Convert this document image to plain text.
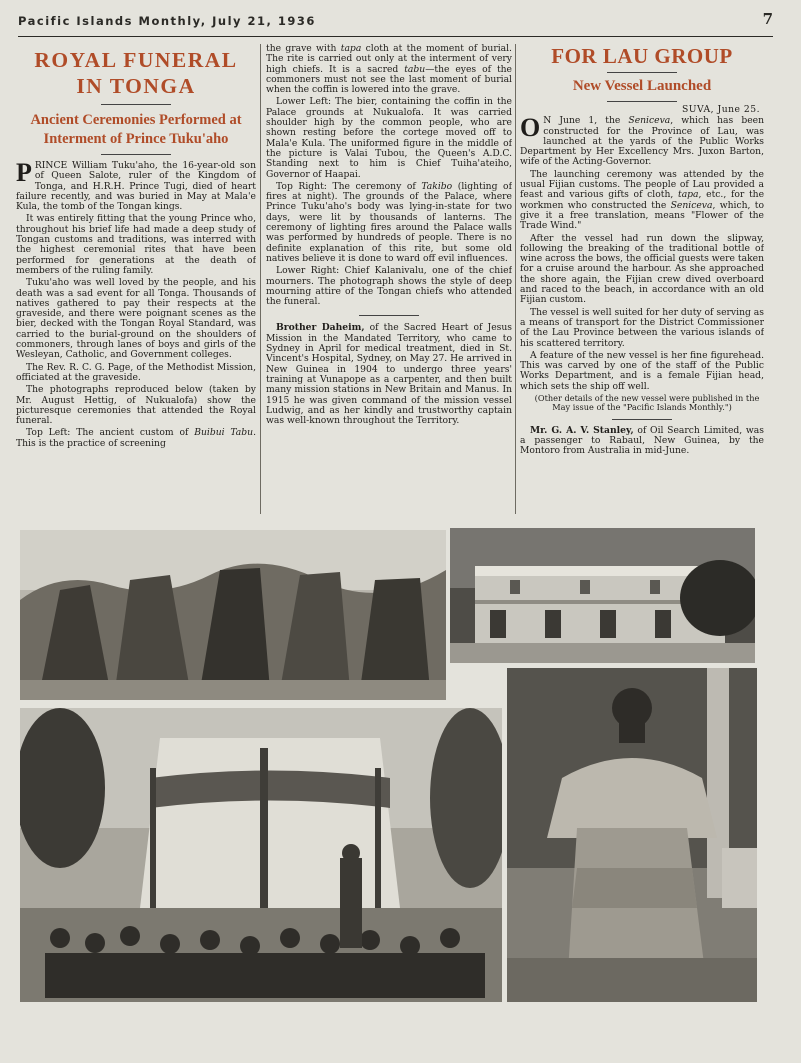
Pacific Islands Monthly, July 21, 1936	7
ROYAL FUNERAL
IN TONGA
Ancient Ceremonies Performed at Interment of Prince Tuku'aho

PRINCE William Tuku'aho, the 16-year-old son of Queen Salote, ruler of the Kingdom of Tonga, and H.R.H. Prince Tugi, died of heart failure recently, and was buried in May at Mala'e Kula, the tomb of the Tongan kings.

It was entirely fitting that the young Prince who, throughout his brief life had made a deep study of Tongan customs and traditions, was interred with the highest ceremonial rites that have been performed for generations at the death of members of the ruling family.

Tuku'aho was well loved by the people, and his death was a sad event for all Tonga. Thousands of natives gathered to pay their respects at the graveside, and there were poignant scenes as the bier, decked with the Tongan Royal Standard, was carried to the burial-ground on the shoulders of commoners, through lanes of boys and girls of the Wesleyan, Catholic, and Government colleges.

The Rev. R. C. G. Page, of the Methodist Mission, officiated at the graveside.

The photographs reproduced below (taken by Mr. August Hettig, of Nukualofa) show the picturesque ceremonies that attended the Royal funeral.

Top Left: The ancient custom of Buibui Tabu. This is the practice of screening

the grave with tapa cloth at the moment of burial. The rite is carried out only at the interment of very high chiefs. It is a sacred tabu—the eyes of the commoners must not see the last moment of burial when the coffin is lowered into the grave.

Lower Left: The bier, containing the coffin in the Palace grounds at Nukualofa. It was carried shoulder high by the common people, who are shown resting before the cortege moved off to Mala'e Kula. The uniformed figure in the middle of the picture is Valai Tubou, the Queen's A.D.C. Standing next to him is Chief Tuiha'ateiho, Governor of Haapai.

Top Right: The ceremony of Takibo (lighting of fires at night). The grounds of the Palace, where Prince Tuku'aho's body was lying-in-state for two days, were lit by thousands of lanterns. The ceremony of lighting fires around the Palace walls was performed by hundreds of people. There is no definite explanation of this rite, but some old natives believe it is done to ward off evil influences.

Lower Right: Chief Kalanivalu, one of the chief mourners. The photograph shows the style of deep mourning attire of the Tongan chiefs who attended the funeral.

Brother Daheim, of the Sacred Heart of Jesus Mission in the Mandated Territory, who came to Sydney in April for medical treatment, died in St. Vincent's Hospital, Sydney, on May 27. He arrived in New Guinea in 1904 to undergo three years' training at Vunapope as a carpenter, and then built many mission stations in New Britain and Manus. In 1915 he was given command of the mission vessel Ludwig, and as her kindly and trustworthy captain was well-known throughout the Territory.

FOR LAU GROUP
New Vessel Launched
SUVA, June 25.

O N June 1, the Seniceva, which has been constructed for the Province of Lau, was launched at the yards of the Public Works Department by Her Excellency Mrs. Juxon Barton, wife of the Acting-Governor.

The launching ceremony was attended by the usual Fijian customs. The people of Lau provided a feast and various gifts of cloth, tapa, etc., for the workmen who constructed the Seniceva, which, to give it a free translation, means "Flower of the Trade Wind."

After the vessel had run down the slipway, following the breaking of the traditional bottle of wine across the bows, the official guests were taken for a cruise around the harbour. As she approached the shore again, the Fijian crew dived overboard and raced to the beach, in accordance with an old Fijian custom.

The vessel is well suited for her duty of serving as a means of transport for the District Commissioner of the Lau Province between the various islands of his scattered territory.

A feature of the new vessel is her fine figurehead. This was carved by one of the staff of the Public Works Department, and is a female Fijian head, which sets the ship off well.

(Other details of the new vessel were published in the May issue of the "Pacific Islands Monthly.")

Mr. G. A. V. Stanley, of Oil Search Limited, was a passenger to Rabaul, New Guinea, by the Montoro from Australia in mid-June.
